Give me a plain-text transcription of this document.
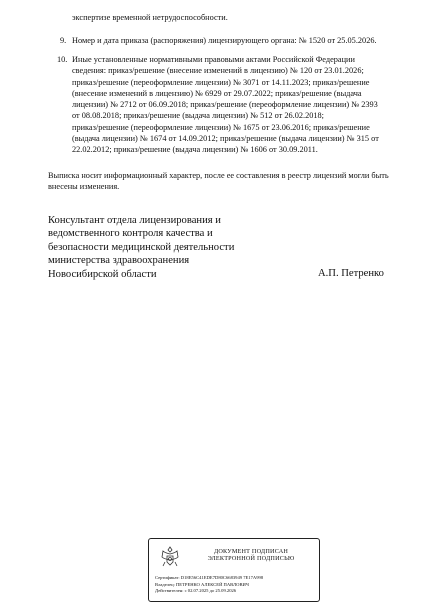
экспертизе временной нетрудоспособности.
9. Номер и дата приказа (распоряжения) лицензирующего органа: № 1520 от 25.05.2026.
10. Иные установленные нормативными правовыми актами Российской Федерации
сведения: приказ/решение (внесение изменений в лицензию) № 120 от 23.01.2026;
приказ/решение (переоформление лицензии) № 3071 от 14.11.2023; приказ/решение
(внесение изменений в лицензию) № 6929 от 29.07.2022; приказ/решение (выдача
лицензии) № 2712 от 06.09.2018; приказ/решение (переоформление лицензии) № 2393
от 08.08.2018; приказ/решение (выдача лицензии) № 512 от 26.02.2018;
приказ/решение (переоформление лицензии) № 1675 от 23.06.2016; приказ/решение
(выдача лицензии) № 1674 от 14.09.2012; приказ/решение (выдача лицензии) № 315 от
22.02.2012; приказ/решение (выдача лицензии) № 1606 от 30.09.2011.
Выписка носит информационный характер, после ее составления в реестр лицензий могли быть
внесены изменения.
Консультант отдела лицензирования и
ведомственного контроля качества и
безопасности медицинской деятельности
министерства здравоохранения
Новосибирской области	А.П. Петренко
ДОКУМЕНТ ПОДПИСАН
ЭЛЕКТРОННОЙ ПОДПИСЬЮ
Сертификат: D18E56C41EDE7D80C6683949 7E17A998
Владелец: ПЕТРЕНКО АЛЕКСЕЙ ПАВЛОВИЧ
Действителен: с 02.07.2025 до 25.09.2026
